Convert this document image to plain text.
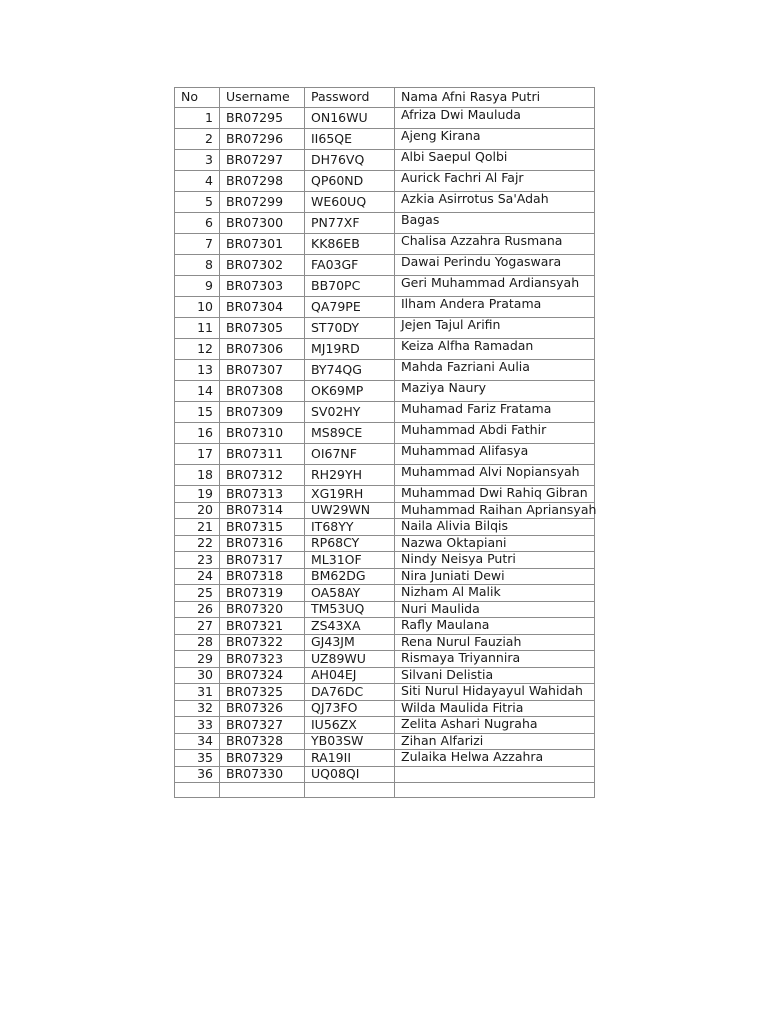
No	Username	Password	Nama Afni Rasya Putri
1	BR07295	ON16WU	Afriza Dwi Mauluda
2	BR07296	II65QE	Ajeng Kirana
3	BR07297	DH76VQ	Albi Saepul Qolbi
4	BR07298	QP60ND	Aurick Fachri Al Fajr
5	BR07299	WE60UQ	Azkia Asirrotus Sa'Adah
6	BR07300	PN77XF	Bagas
7	BR07301	KK86EB	Chalisa Azzahra Rusmana
8	BR07302	FA03GF	Dawai Perindu Yogaswara
9	BR07303	BB70PC	Geri Muhammad Ardiansyah
10	BR07304	QA79PE	Ilham Andera Pratama
11	BR07305	ST70DY	Jejen Tajul Arifin
12	BR07306	MJ19RD	Keiza Alfha Ramadan
13	BR07307	BY74QG	Mahda Fazriani Aulia
14	BR07308	OK69MP	Maziya Naury
15	BR07309	SV02HY	Muhamad Fariz Fratama
16	BR07310	MS89CE	Muhammad Abdi Fathir
17	BR07311	OI67NF	Muhammad Alifasya
18	BR07312	RH29YH	Muhammad Alvi Nopiansyah
19	BR07313	XG19RH	Muhammad Dwi Rahiq Gibran
20	BR07314	UW29WN	Muhammad Raihan Apriansyah
21	BR07315	IT68YY	Naila Alivia Bilqis
22	BR07316	RP68CY	Nazwa Oktapiani
23	BR07317	ML31OF	Nindy Neisya Putri
24	BR07318	BM62DG	Nira Juniati Dewi
25	BR07319	OA58AY	Nizham Al Malik
26	BR07320	TM53UQ	Nuri Maulida
27	BR07321	ZS43XA	Rafly Maulana
28	BR07322	GJ43JM	Rena Nurul Fauziah
29	BR07323	UZ89WU	Rismaya Triyannira
30	BR07324	AH04EJ	Silvani Delistia
31	BR07325	DA76DC	Siti Nurul Hidayayul Wahidah
32	BR07326	QJ73FO	Wilda Maulida Fitria
33	BR07327	IU56ZX	Zelita Ashari Nugraha
34	BR07328	YB03SW	Zihan Alfarizi
35	BR07329	RA19II	Zulaika Helwa Azzahra
36	BR07330	UQ08QI	
